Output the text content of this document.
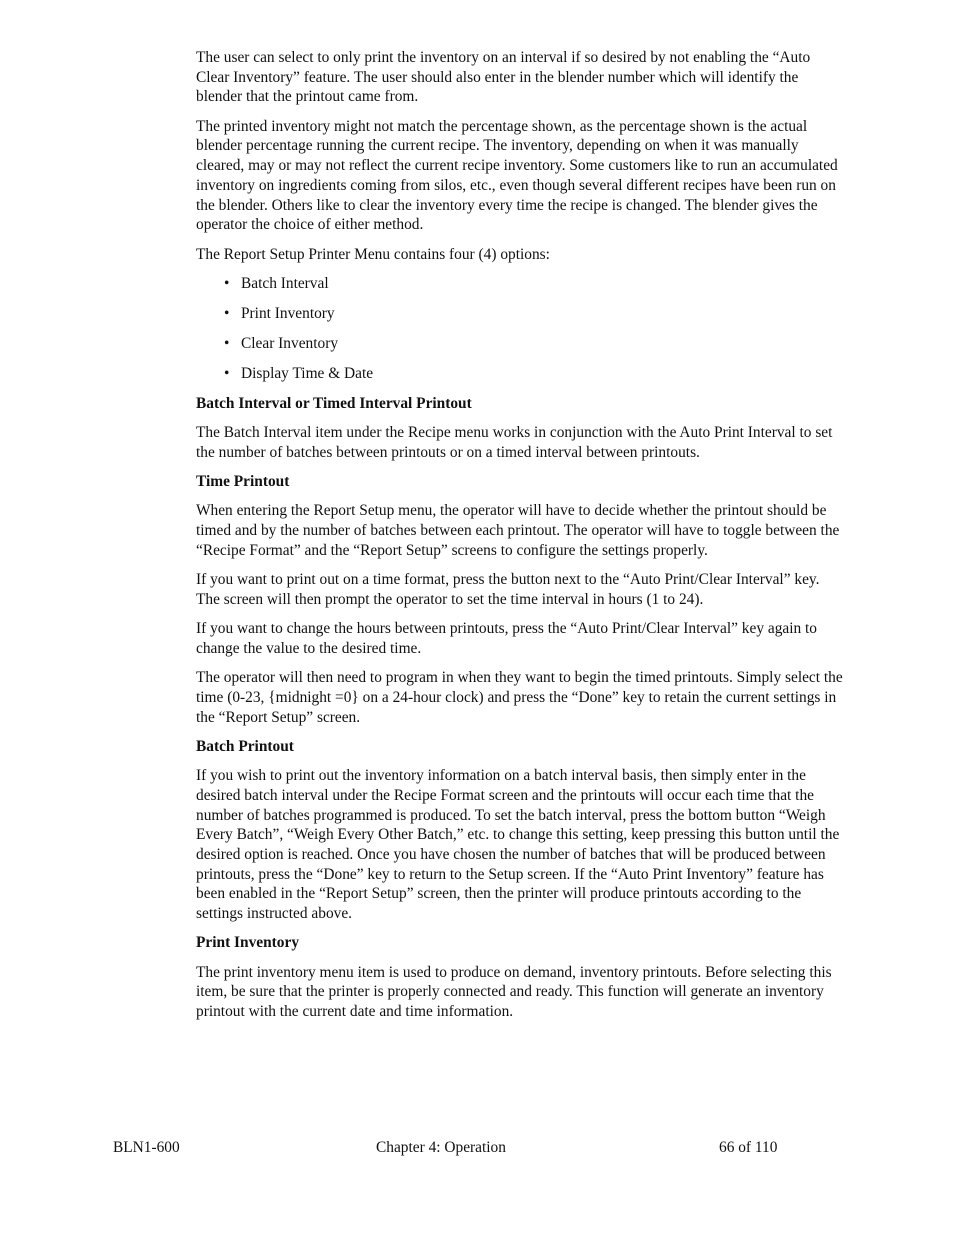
The user can select to only print the inventory on an interval if so desired by not enabling the “Auto Clear Inventory” feature. The user should also enter in the blender number which will identify the blender that the printout came from.

The printed inventory might not match the percentage shown, as the percentage shown is the actual blender percentage running the current recipe. The inventory, depending on when it was manually cleared, may or may not reflect the current recipe inventory. Some customers like to run an accumulated inventory on ingredients coming from silos, etc., even though several different recipes have been run on the blender. Others like to clear the inventory every time the recipe is changed. The blender gives the operator the choice of either method.

The Report Setup Printer Menu contains four (4) options:

• Batch Interval
• Print Inventory
• Clear Inventory
• Display Time & Date
Batch Interval or Timed Interval Printout

The Batch Interval item under the Recipe menu works in conjunction with the Auto Print Interval to set the number of batches between printouts or on a timed interval between printouts.

Time Printout

When entering the Report Setup menu, the operator will have to decide whether the printout should be timed and by the number of batches between each printout. The operator will have to toggle between the “Recipe Format” and the “Report Setup” screens to configure the settings properly.

If you want to print out on a time format, press the button next to the “Auto Print/Clear Interval” key. The screen will then prompt the operator to set the time interval in hours (1 to 24).

If you want to change the hours between printouts, press the “Auto Print/Clear Interval” key again to change the value to the desired time.

The operator will then need to program in when they want to begin the timed printouts. Simply select the time (0-23, {midnight =0} on a 24-hour clock) and press the “Done” key to retain the current settings in the “Report Setup” screen.

Batch Printout

If you wish to print out the inventory information on a batch interval basis, then simply enter in the desired batch interval under the Recipe Format screen and the printouts will occur each time that the number of batches programmed is produced. To set the batch interval, press the bottom button “Weigh Every Batch”, “Weigh Every Other Batch,” etc. to change this setting, keep pressing this button until the desired option is reached. Once you have chosen the number of batches that will be produced between printouts, press the “Done” key to return to the Setup screen. If the “Auto Print Inventory” feature has been enabled in the “Report Setup” screen, then the printer will produce printouts according to the settings instructed above.

Print Inventory

The print inventory menu item is used to produce on demand, inventory printouts. Before selecting this item, be sure that the printer is properly connected and ready. This function will generate an inventory printout with the current date and time information.

BLN1-600	Chapter 4: Operation	66 of 110
